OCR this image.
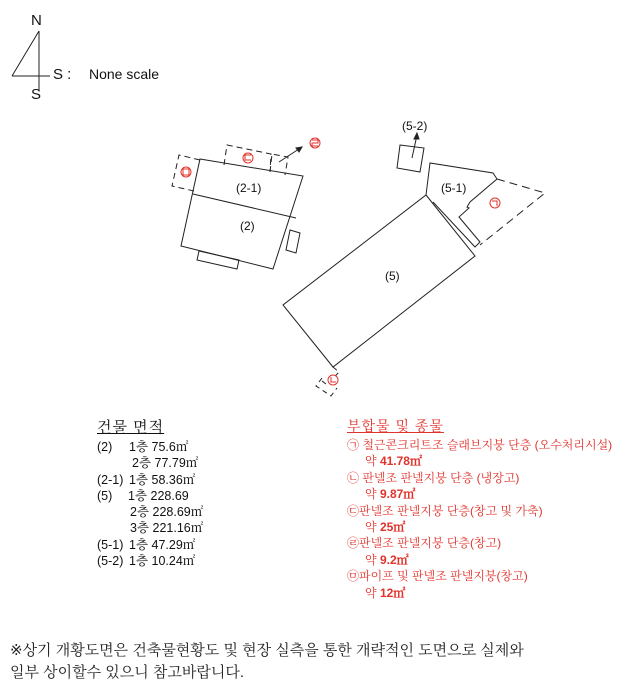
N
S
S : None scale
(2-1)
(2)
(5)
(5-1)
(5-2)
건물 면적
(2) 1층 75.6㎡
2층 77.79㎡
(2-1) 1층 58.36㎡
(5) 1층 228.69
2층 228.69㎡
3층 221.16㎡
(5-1) 1층 47.29㎡
(5-2) 1층 10.24㎡
부합물 및 종물
㉠ 철근콘크리트조 슬래브지붕 단층 (오수처리시설)
약 41.78㎡
㉡ 판넬조 판넬지붕 단층 (냉장고)
약 9.87㎡
㉢판넬조 판넬지붕 단층(창고 및 가축)
약 25㎡
㉣판넬조 판넬지붕 단층(창고)
약 9.2㎡
㉤파이프 및 판넬조 판넬지붕(창고)
약 12㎡
※상기 개황도면은 건축물현황도 및 현장 실측을 통한 개략적인 도면으로 실제와
일부 상이할수 있으니 참고바랍니다.
